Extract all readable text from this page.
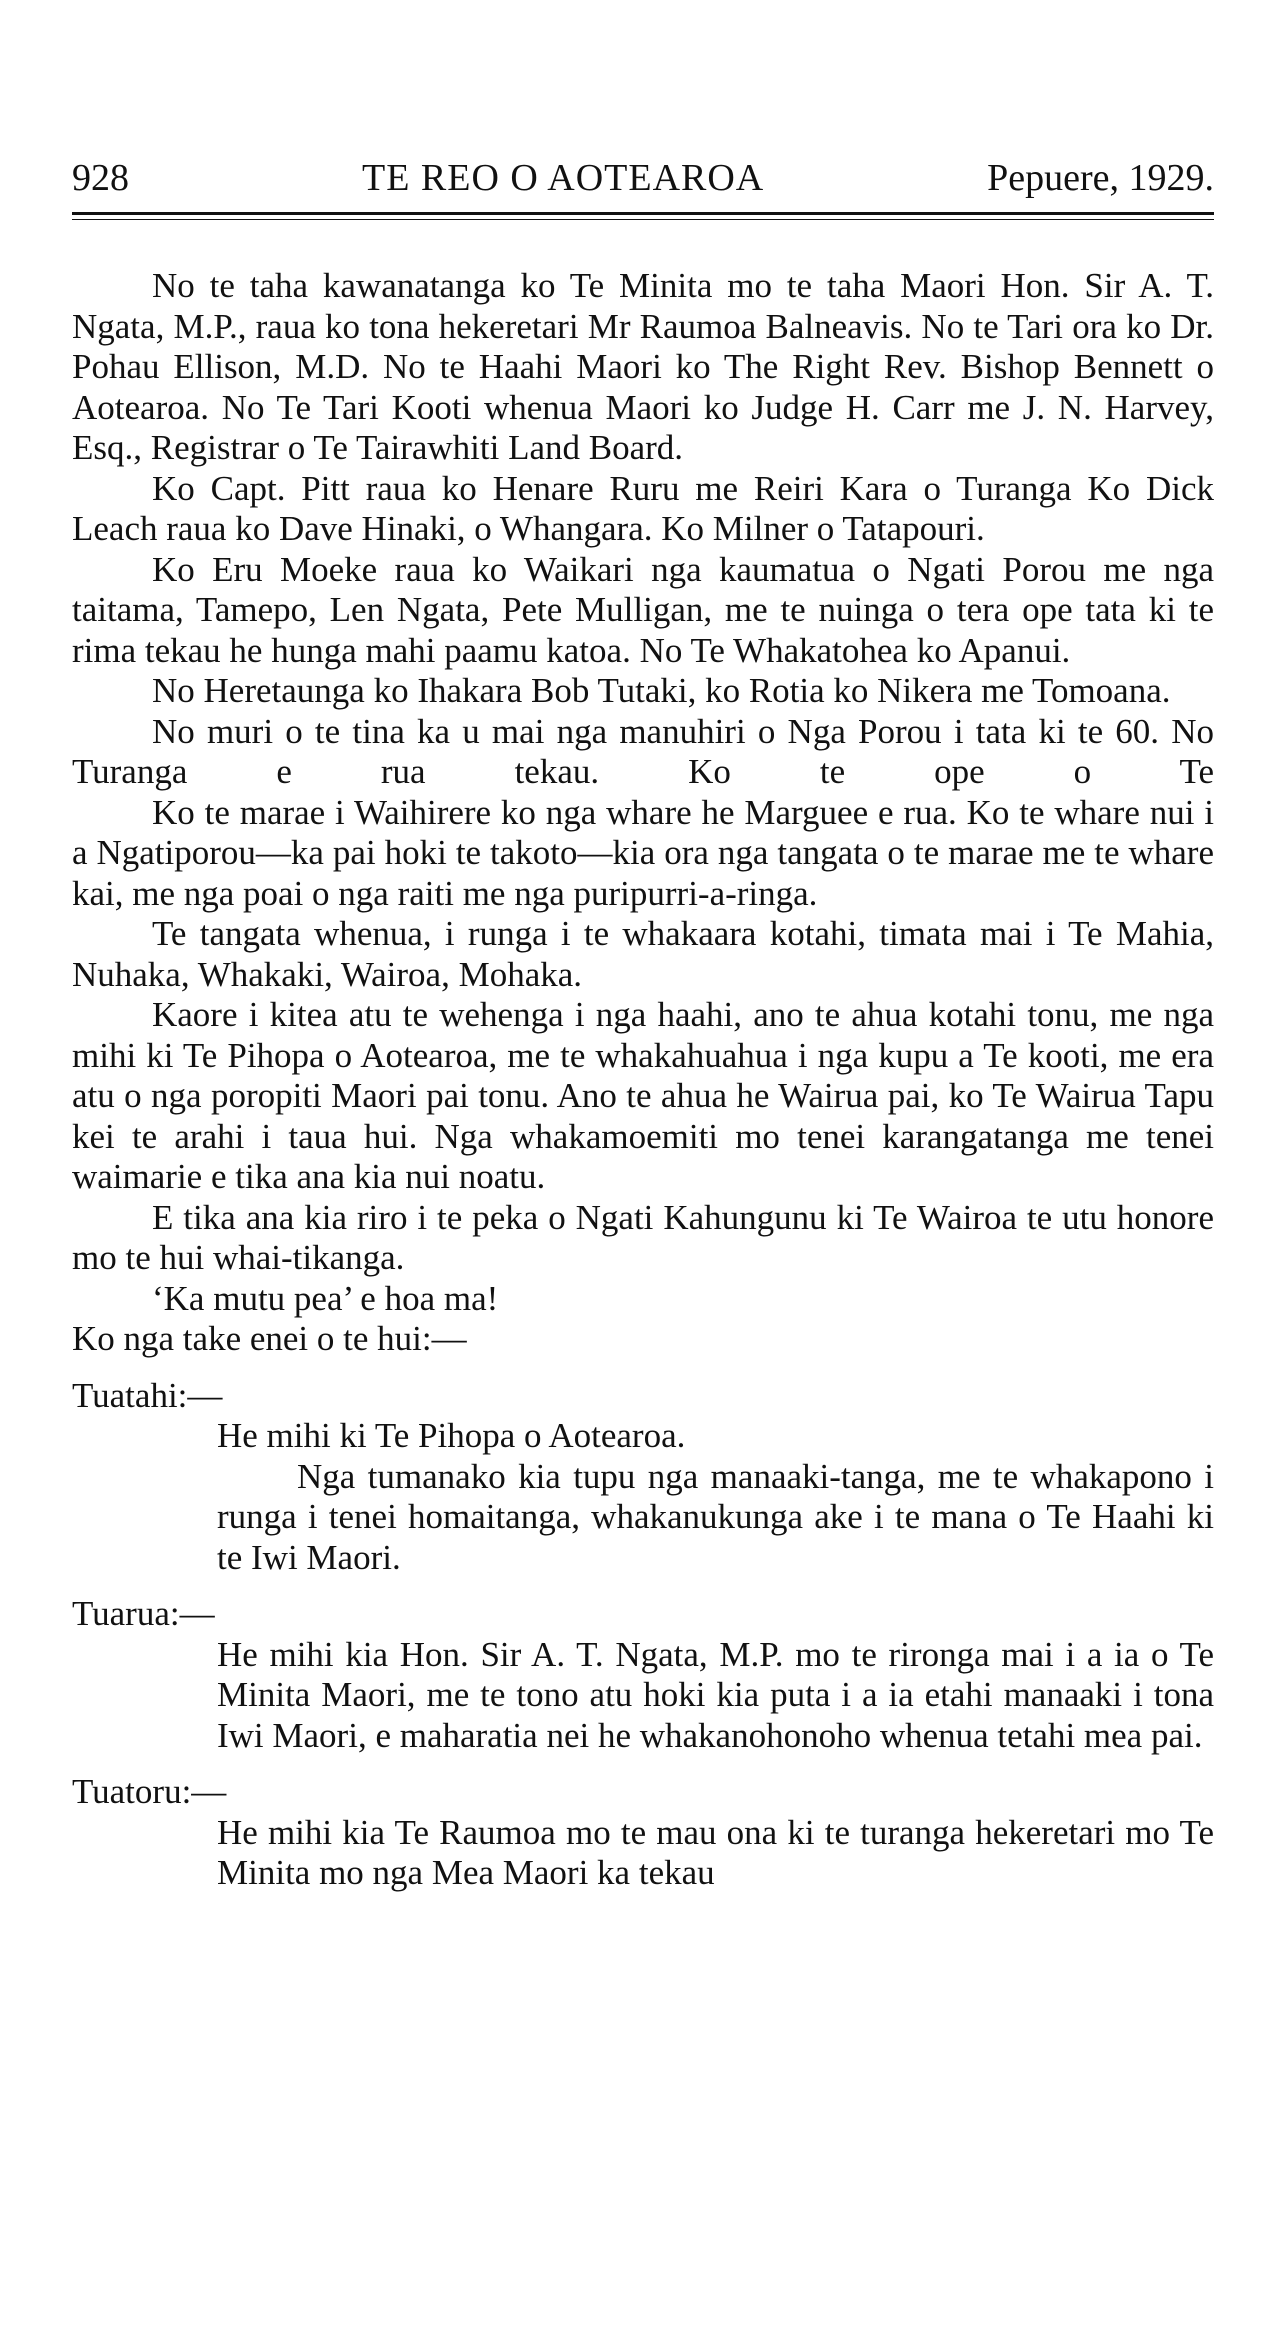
928	TE REO O AOTEAROA	Pepuere, 1929.

No te taha kawanatanga ko Te Minita mo te taha Maori Hon. Sir A. T. Ngata, M.P., raua ko tona hekeretari Mr Raumoa Balneavis. No te Tari ora ko Dr. Pohau Ellison, M.D. No te Haahi Maori ko The Right Rev. Bishop Bennett o Aotearoa. No Te Tari Kooti whenua Maori ko Judge H. Carr me J. N. Harvey, Esq., Registrar o Te Tairawhiti Land Board.

Ko Capt. Pitt raua ko Henare Ruru me Reiri Kara o Turanga Ko Dick Leach raua ko Dave Hinaki, o Whangara. Ko Milner o Tatapouri.

Ko Eru Moeke raua ko Waikari nga kaumatua o Ngati Porou me nga taitama, Tamepo, Len Ngata, Pete Mulligan, me te nuinga o tera ope tata ki te rima tekau he hunga mahi paamu katoa. No Te Whakatohea ko Apanui.

No Heretaunga ko Ihakara Bob Tutaki, ko Rotia ko Nikera me Tomoana.

No muri o te tina ka u mai nga manuhiri o Nga Porou i tata ki te 60. No Turanga e rua tekau. Ko te ope o Te

Ko te marae i Waihirere ko nga whare he Marguee e rua. Ko te whare nui i a Ngatiporou—ka pai hoki te takoto—kia ora nga tangata o te marae me te whare kai, me nga poai o nga raiti me nga puripurri-a-ringa.

Te tangata whenua, i runga i te whakaara kotahi, timata mai i Te Mahia, Nuhaka, Whakaki, Wairoa, Mohaka.

Kaore i kitea atu te wehenga i nga haahi, ano te ahua kotahi tonu, me nga mihi ki Te Pihopa o Aotearoa, me te whakahuahua i nga kupu a Te kooti, me era atu o nga poropiti Maori pai tonu. Ano te ahua he Wairua pai, ko Te Wairua Tapu kei te arahi i taua hui. Nga whakamoemiti mo tenei karangatanga me tenei waimarie e tika ana kia nui noatu.

E tika ana kia riro i te peka o Ngati Kahungunu ki Te Wairoa te utu honore mo te hui whai-tikanga.

‘Ka mutu pea’ e hoa ma!

Ko nga take enei o te hui:—

Tuatahi:—

He mihi ki Te Pihopa o Aotearoa.

Nga tumanako kia tupu nga manaaki-tanga, me te whakapono i runga i tenei homaitanga, whakanukunga ake i te mana o Te Haahi ki te Iwi Maori.

Tuarua:—

He mihi kia Hon. Sir A. T. Ngata, M.P. mo te rironga mai i a ia o Te Minita Maori, me te tono atu hoki kia puta i a ia etahi manaaki i tona Iwi Maori, e maharatia nei he whakanohonoho whenua tetahi mea pai.

Tuatoru:—

He mihi kia Te Raumoa mo te mau ona ki te turanga hekeretari mo Te Minita mo nga Mea Maori ka tekau
